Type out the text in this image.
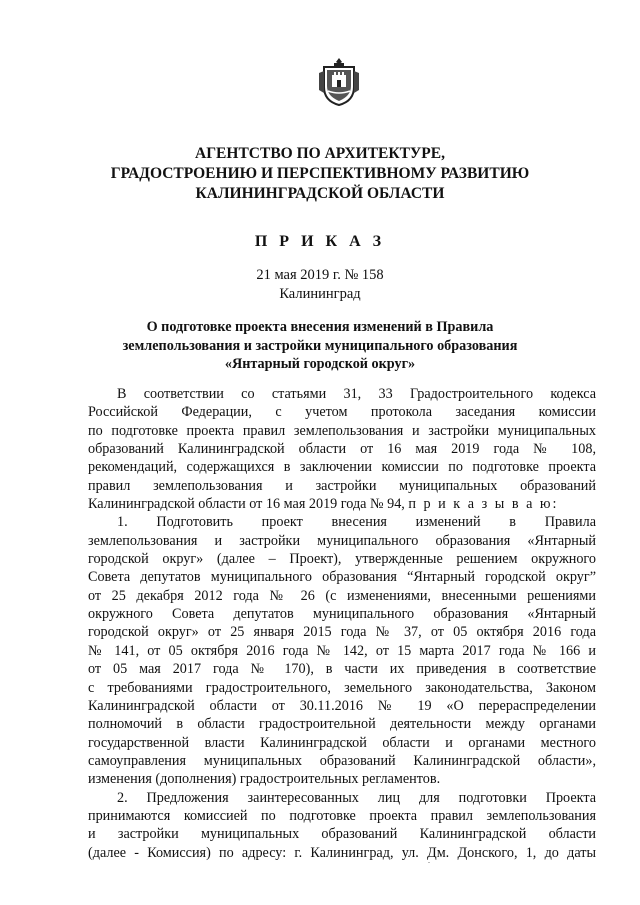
АГЕНТСТВО ПО АРХИТЕКТУРЕ,
ГРАДОСТРОЕНИЮ И ПЕРСПЕКТИВНОМУ РАЗВИТИЮ
КАЛИНИНГРАДСКОЙ ОБЛАСТИ
П Р И К А З
21 мая 2019 г. № 158
Калининград
О подготовке проекта внесения изменений в Правила
землепользования и застройки муниципального образования
«Янтарный городской округ»
В соответствии со статьями 31, 33 Градостроительного кодекса
Российской Федерации, с учетом протокола заседания комиссии
по подготовке проекта правил землепользования и застройки муниципальных
образований Калининградской области от 16 мая 2019 года № 108,
рекомендаций, содержащихся в заключении комиссии по подготовке проекта
правил землепользования и застройки муниципальных образований
Калининградской области от 16 мая 2019 года № 94, п р и к а з ы в а ю:
1. Подготовить проект внесения изменений в Правила
землепользования и застройки муниципального образования «Янтарный
городской округ» (далее – Проект), утвержденные решением окружного
Совета депутатов муниципального образования “Янтарный городской округ”
от 25 декабря 2012 года № 26 (с изменениями, внесенными решениями
окружного Совета депутатов муниципального образования «Янтарный
городской округ» от 25 января 2015 года № 37, от 05 октября 2016 года
№ 141, от 05 октября 2016 года № 142, от 15 марта 2017 года № 166 и
от 05 мая 2017 года № 170), в части их приведения в соответствие
с требованиями градостроительного, земельного законодательства, Законом
Калининградской области от 30.11.2016 № 19 «О перераспределении
полномочий в области градостроительной деятельности между органами
государственной власти Калининградской области и органами местного
самоуправления муниципальных образований Калининградской области»,
изменения (дополнения) градостроительных регламентов.
2. Предложения заинтересованных лиц для подготовки Проекта
принимаются комиссией по подготовке проекта правил землепользования
и застройки муниципальных образований Калининградской области
(далее - Комиссия) по адресу: г. Калининград, ул. Дм. Донского, 1, до даты
